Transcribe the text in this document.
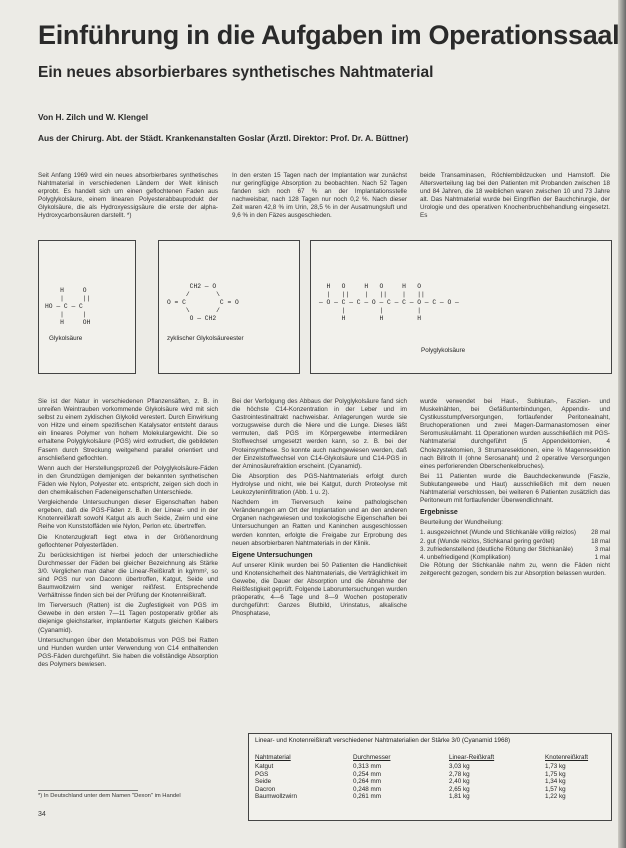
Einführung in die Aufgaben im Operationssaal
Ein neues absorbierbares synthetisches Nahtmaterial
Von H. Zilch und W. Klengel
Aus der Chirurg. Abt. der Städt. Krankenanstalten Goslar (Ärztl. Direktor: Prof. Dr. A. Büttner)
Seit Anfang 1969 wird ein neues absorbierbares synthetisches Nahtmaterial in verschiedenen Ländern der Welt klinisch erprobt. Es handelt sich um einen geflochtenen Faden aus Polyglykolsäure, einem linearen Polyesterabbauprodukt der Glykolsäure, die als Hydroxyessigsäure die erste der alpha-Hydroxycarbonsäuren darstellt. *)
In den ersten 15 Tagen nach der Implantation war zunächst nur geringfügige Absorption zu beobachten. Nach 52 Tagen fanden sich noch 67 % an der Implantationsstelle nachweisbar, nach 128 Tagen nur noch 0,2 %. Nach dieser Zeit waren 42,8 % im Urin, 28,5 % in der Ausatmungsluft und 9,6 % in den Fäzes ausgeschieden.
beide Transaminasen, Röchlembildzucken und Harnstoff. Die Altersverteilung lag bei den Patienten mit Probanden zwischen 18 und 84 Jahren, die 18 weiblichen waren zwischen 10 und 73 Jahre alt. Das Nahtmaterial wurde bei Eingriffen der Bauchchirurgie, der Urologie und des operativen Knochenbruchbehandlung eingesetzt. Es
H     O
|     ||
HO — C — C
|     |
H     OH
Glykolsäure
CH2 — O
/       \
O = C         C = O
\       /
O — CH2
zyklischer Glykolsäureester
H   O     H   O     H   O
|   ||    |   ||    |   ||
— O — C — C — O — C — C — O — C — O —
|         |         |
H         H         H
Polyglykolsäure

Sie ist der Natur in verschiedenen Pflanzensäften, z. B. in unreifen Weintrauben vorkommende Glykolsäure wird mit sich selbst zu einem zyklischen Glykolid verestert. Durch Einwirkung von Hitze und einem spezifischen Katalysator entsteht daraus ein lineares Polymer von hohem Molekulargewicht. Die so erhaltene Polyglykolsäure (PGS) wird extrudiert, die gebildeten Fasern durch Streckung weitgehend parallel orientiert und anschließend geflochten.

Wenn auch der Herstellungsprozeß der Polyglykolsäure-Fäden in den Grundzügen demjenigen der bekannten synthetischen Fäden wie Nylon, Polyester etc. entspricht, zeigen sich doch in den chemikalischen Fadeneigenschaften Unterschiede.

Vergleichende Untersuchungen dieser Eigenschaften haben ergeben, daß die PGS-Fäden z. B. in der Linear- und in der Knotenreißkraft sowohl Katgut als auch Seide, Zwirn und eine Reihe von Kunststoffäden wie Nylon, Perlon etc. übertreffen.

Die Knotenzugkraft liegt etwa in der Größenordnung geflochtener Polyesterfäden.

Zu berücksichtigen ist hierbei jedoch der unterschiedliche Durchmesser der Fäden bei gleicher Bezeichnung als Stärke 3/0. Verglichen man daher die Linear-Reißkraft in kg/mm², so sind PGS nur von Daconn übertroffen, Katgut, Seide und Baumwollzwirn sind weniger reißfest. Entsprechende Verhältnisse finden sich bei der Prüfung der Knotenreißkraft.

Im Tierversuch (Ratten) ist die Zugfestigkeit von PGS im Gewebe in den ersten 7—11 Tagen postoperativ größer als diejenige gleichstarker, implantierter Katguts gleichen Kalibers (Cyanamid).

Untersuchungen über den Metabolismus von PGS bei Ratten und Hunden wurden unter Verwendung von C14 enthaltenden PGS-Fäden durchgeführt. Sie haben die vollständige Absorption des Polymers bewiesen.

Bei der Verfolgung des Abbaus der Polyglykolsäure fand sich die höchste C14-Konzentration in der Leber und im Gastrointestinaltrakt nachweisbar. Anlagerungen wurde sie vorzugsweise durch die Niere und die Lunge. Dieses läßt vermuten, daß PGS im Körpergewebe intermediären Stoffwechsel umgesetzt werden kann, so z. B. bei der Proteinsynthese. So konnte auch nachgewiesen werden, daß der Einzelstoffwechsel von C14-Glykolsäure und C14-PGS in der Aminosäurefraktion erscheint. (Cyanamid).

Die Absorption des PGS-Nahtmaterials erfolgt durch Hydrolyse und nicht, wie bei Katgut, durch Proteolyse mit Leukozyteninfiltration (Abb. 1 u. 2).

Nachdem im Tierversuch keine pathologischen Veränderungen am Ort der Implantation und an den anderen Organen nachgewiesen und toxikologische Eigenschaften bei Untersuchungen an Ratten und Kaninchen ausgeschlossen werden konnten, erfolgte die Freigabe zur Erprobung des neuen absorbierbaren Nahtmaterials in der Klinik.

Eigene Untersuchungen

Auf unserer Klinik wurden bei 50 Patienten die Handlichkeit und Knotensicherheit des Nahtmaterials, die Verträglichkeit im Gewebe, die Dauer der Absorption und die Abnahme der Reißfestigkeit geprüft. Folgende Laboruntersuchungen wurden präoperativ, 4—6 Tage und 8—9 Wochen postoperativ durchgeführt: Ganzes Blutbild, Urinstatus, alkalische Phosphatase,

wurde verwendet bei Haut-, Subkutan-, Faszien- und Muskelnähten, bei Gefäßunterbindungen, Appendix- und Cystikusstumpfversorgungen, fortlaufender Peritonealnaht, Bruchoperationen und zwei Magen-Darmanastomosen einer Seromuskulärnaht. 11 Operationen wurden ausschließlich mit PGS-Nahtmaterial durchgeführt (5 Appendektomien, 4 Cholezystektomien, 3 Strumaresektionen, eine ⅔ Magenresektion nach Billroth II (ohne Serosanaht) und 2 operative Versorgungen eines perforierenden Oberschenkelbruches).

Bei 11 Patienten wurde die Bauchdeckenwunde (Faszie, Subkutangewebe und Haut) ausschließlich mit dem neuen Nahtmaterial verschlossen, bei weiteren 6 Patienten zusätzlich das Peritoneum mit fortlaufender Überwendlichnaht.

Ergebnisse

Beurteilung der Wundheilung:

1. ausgezeichnet (Wunde und Stichkanäle völlig reizlos) 28 mal
2. gut (Wunde reizlos, Stichkanal gering gerötet)	18 mal
3. zufriedenstellend (deutliche Rötung der Stichkanäle)	3 mal
4. unbefriedigend (Komplikation)	1 mal

Die Rötung der Stichkanäle nahm zu, wenn die Fäden nicht zeitgerecht gezogen, sondern bis zur Absorption belassen wurden.

Linear- und Knotenreißkraft verschiedener Nahtmaterialien der Stärke 3/0 (Cyanamid 1968)
Nahtmaterial	Durchmesser	Linear-Reißkraft	Knotenreißkraft
Katgut	0,313 mm	3,03 kg	1,73 kg
PGS	0,254 mm	2,78 kg	1,75 kg
Seide	0,264 mm	2,40 kg	1,34 kg
Dacron	0,248 mm	2,65 kg	1,57 kg
Baumwollzwirn	0,261 mm	1,81 kg	1,22 kg
*) In Deutschland unter dem Namen "Dexon" im Handel
34
